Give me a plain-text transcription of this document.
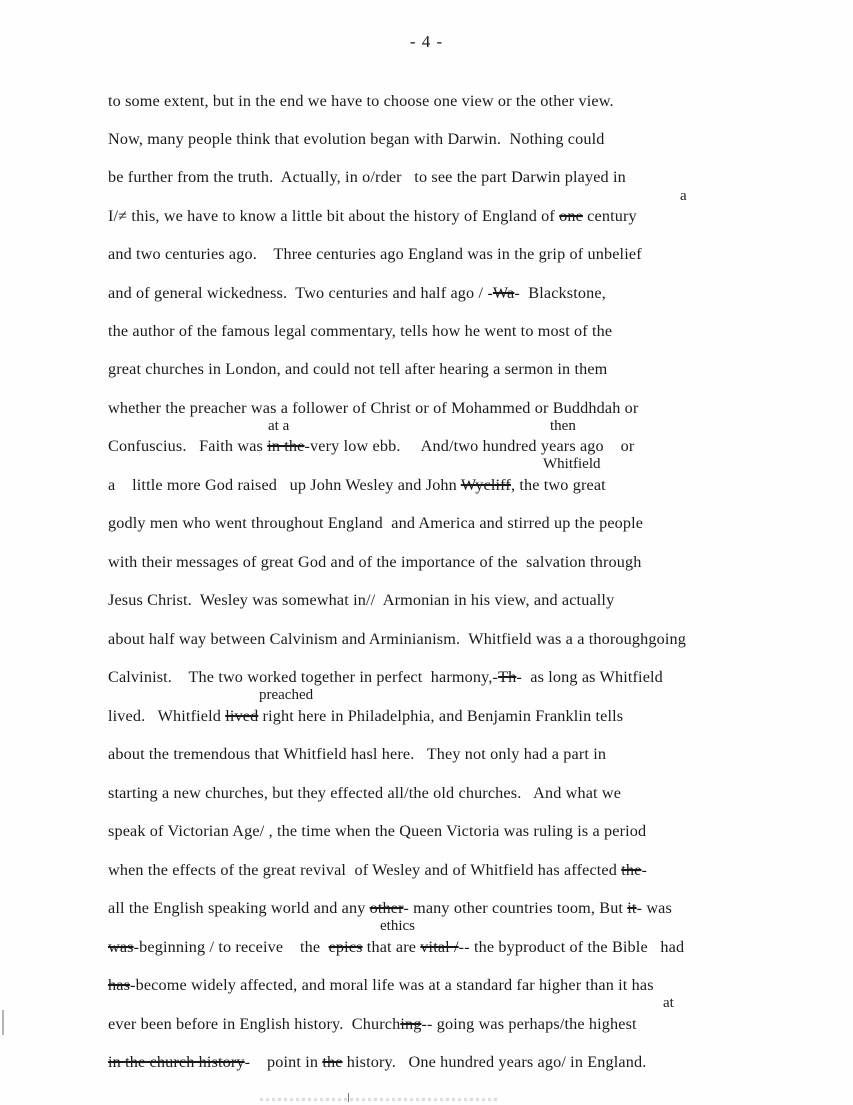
- 4 -
to some extent, but in the end we have to choose one view or the other view.
Now, many people think that evolution began with Darwin.  Nothing could
be further from the truth.  Actually, in o/rder   to see the part Darwin played in
I/≠ this, we have to know a little bit about the history of England of one century
and two centuries ago.    Three centuries ago England was in the grip of unbelief
and of general wickedness.  Two centuries and half ago / -Wa-  Blackstone,
the author of the famous legal commentary, tells how he went to most of the
great churches in London, and could not tell after hearing a sermon in them
whether the preacher was a follower of Christ or of Mohammed or Buddhdah or
Confuscius.   Faith was in the-very low ebb.     And/two hundred years ago    or
a    little more God raised   up John Wesley and John Wycliff, the two great
godly men who went throughout England  and America and stirred up the people
with their messages of great God and of the importance of the  salvation through
Jesus Christ.  Wesley was somewhat in//  Armonian in his view, and actually
about half way between Calvinism and Arminianism.  Whitfield was a a thoroughgoing
Calvinist.    The two worked together in perfect  harmony,-Th-  as long as Whitfield
lived.   Whitfield lived right here in Philadelphia, and Benjamin Franklin tells
about the tremendous that Whitfield hasl here.   They not only had a part in
starting a new churches, but they effected all/the old churches.   And what we
speak of Victorian Age/ , the time when the Queen Victoria was ruling is a period
when the effects of the great revival  of Wesley and of Whitfield has affected the-
all the English speaking world and any other- many other countries toom, But it- was
was-beginning / to receive    the  epics that are vital /-- the byproduct of the Bible   had
has-become widely affected, and moral life was at a standard far higher than it has
ever been before in English history.  Churching-- going was perhaps/the highest
in the church history-    point in the history.   One hundred years ago/ in England.
a
at a	then
Whitfield
preached
ethics
at
